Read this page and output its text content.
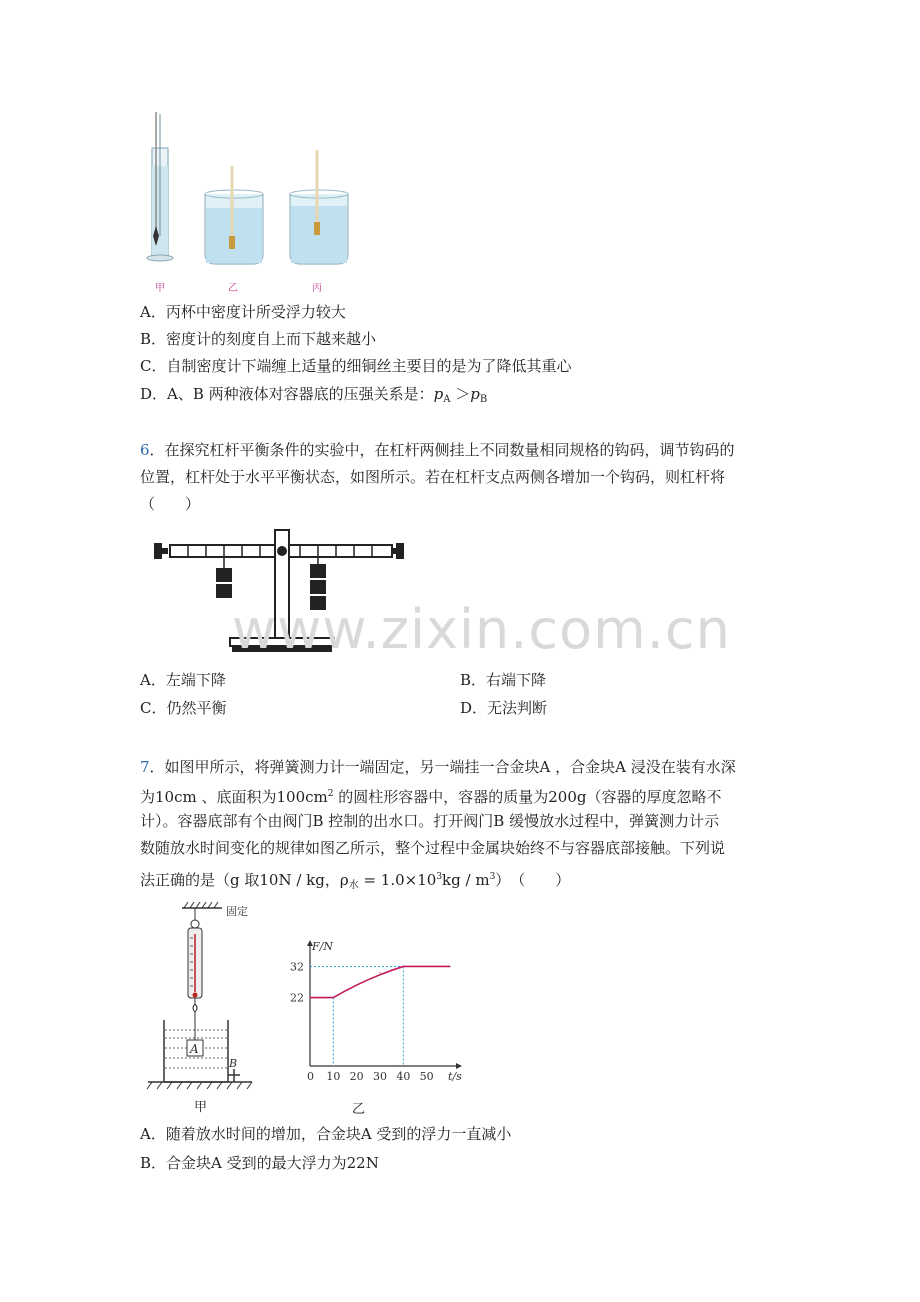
甲	乙	丙
A．丙杯中密度计所受浮力较大
B．密度计的刻度自上而下越来越小
C．自制密度计下端缠上适量的细铜丝主要目的是为了降低其重心
D．A、B 两种液体对容器底的压强关系是：$p_A >p_B$
6．在探究杠杆平衡条件的实验中，在杠杆两侧挂上不同数量相同规格的钩码，调节钩码的
位置，杠杆处于水平平衡状态，如图所示。若在杠杆支点两侧各增加一个钩码，则杠杆将
（　　）
www.zixin.com.cn
A．左端下降	B．右端下降
C．仍然平衡	D．无法判断
7．如图甲所示，将弹簧测力计一端固定，另一端挂一合金块A ，合金块A 浸没在装有水深
为10cm 、底面积为$100cm^2$ 的圆柱形容器中，容器的质量为200g（容器的厚度忽略不
计）。容器底部有个由阀门B 控制的出水口。打开阀门B 缓慢放水过程中，弹簧测力计示
数随放水时间变化的规律如图乙所示，整个过程中金属块始终不与容器底部接触。下列说
法正确的是（g 取10N / kg，$\rho_水 = 1.0\times 10^3kg / m^3$）　（　　）
固定
A
B
甲
0 10 20 30 40 50
22
32
t/s
F/N
乙
A．随着放水时间的增加，合金块A 受到的浮力一直减小
B．合金块A 受到的最大浮力为22N
